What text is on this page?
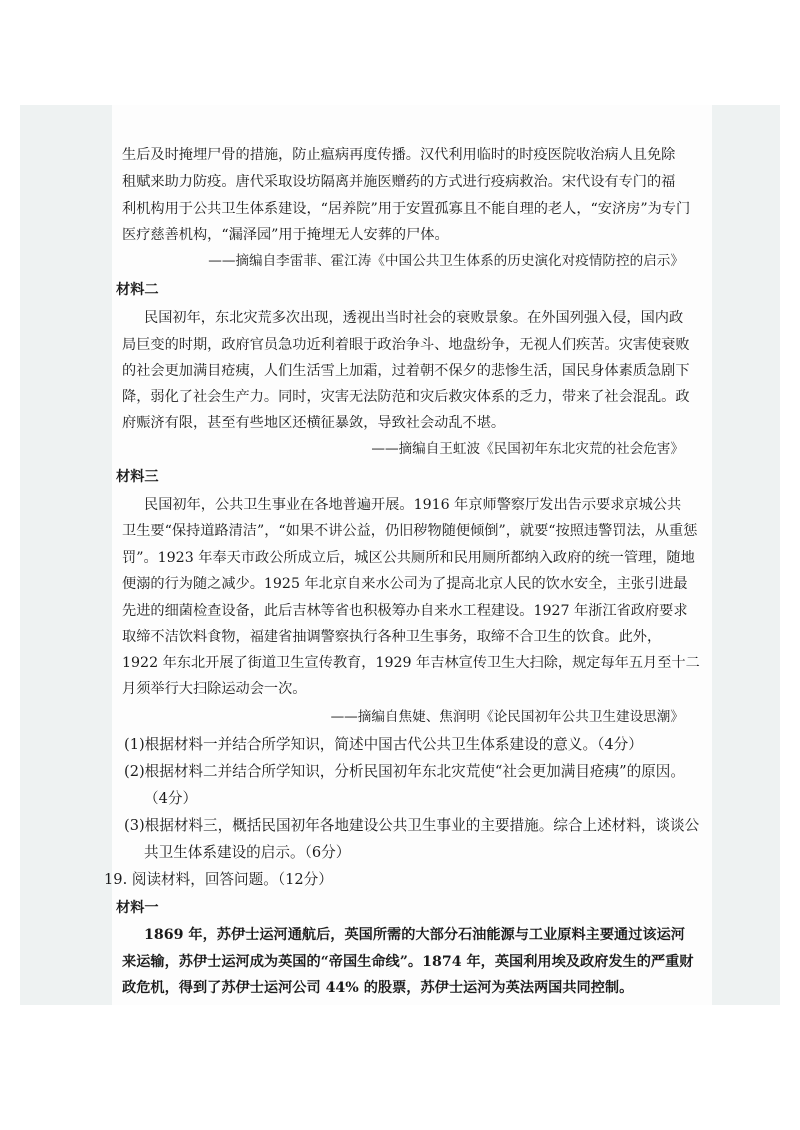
生后及时掩埋尸骨的措施，防止瘟病再度传播。汉代利用临时的时疫医院收治病人且免除
租赋来助力防疫。唐代采取设坊隔离并施医赠药的方式进行疫病救治。宋代设有专门的福
利机构用于公共卫生体系建设，“居养院”用于安置孤寡且不能自理的老人，“安济房”为专门
医疗慈善机构，“漏泽园”用于掩埋无人安葬的尸体。
——摘编自李雷菲、霍江涛《中国公共卫生体系的历史演化对疫情防控的启示》
材料二
民国初年，东北灾荒多次出现，透视出当时社会的衰败景象。在外国列强入侵，国内政
局巨变的时期，政府官员急功近利着眼于政治争斗、地盘纷争，无视人们疾苦。灾害使衰败
的社会更加满目疮痍，人们生活雪上加霜，过着朝不保夕的悲惨生活，国民身体素质急剧下
降，弱化了社会生产力。同时，灾害无法防范和灾后救灾体系的乏力，带来了社会混乱。政
府赈济有限，甚至有些地区还横征暴敛，导致社会动乱不堪。
——摘编自王虹波《民国初年东北灾荒的社会危害》
材料三
民国初年，公共卫生事业在各地普遍开展。1916 年京师警察厅发出告示要求京城公共
卫生要“保持道路清洁”，“如果不讲公益，仍旧秽物随便倾倒”，就要“按照违警罚法，从重惩
罚”。1923 年奉天市政公所成立后，城区公共厕所和民用厕所都纳入政府的统一管理，随地
便溺的行为随之减少。1925 年北京自来水公司为了提高北京人民的饮水安全，主张引进最
先进的细菌检查设备，此后吉林等省也积极筹办自来水工程建设。1927 年浙江省政府要求
取缔不洁饮料食物，福建省抽调警察执行各种卫生事务，取缔不合卫生的饮食。此外，
1922 年东北开展了街道卫生宣传教育，1929 年吉林宣传卫生大扫除，规定每年五月至十二
月须举行大扫除运动会一次。
——摘编自焦婕、焦润明《论民国初年公共卫生建设思潮》
(1)根据材料一并结合所学知识，简述中国古代公共卫生体系建设的意义。（4分）
(2)根据材料二并结合所学知识，分析民国初年东北灾荒使“社会更加满目疮痍”的原因。
（4分）
(3)根据材料三，概括民国初年各地建设公共卫生事业的主要措施。综合上述材料，谈谈公
共卫生体系建设的启示。（6分）
19. 阅读材料，回答问题。（12分）
材料一
1869 年，苏伊士运河通航后，英国所需的大部分石油能源与工业原料主要通过该运河
来运输，苏伊士运河成为英国的“帝国生命线”。1874 年，英国利用埃及政府发生的严重财
政危机，得到了苏伊士运河公司 44% 的股票，苏伊士运河为英法两国共同控制。
